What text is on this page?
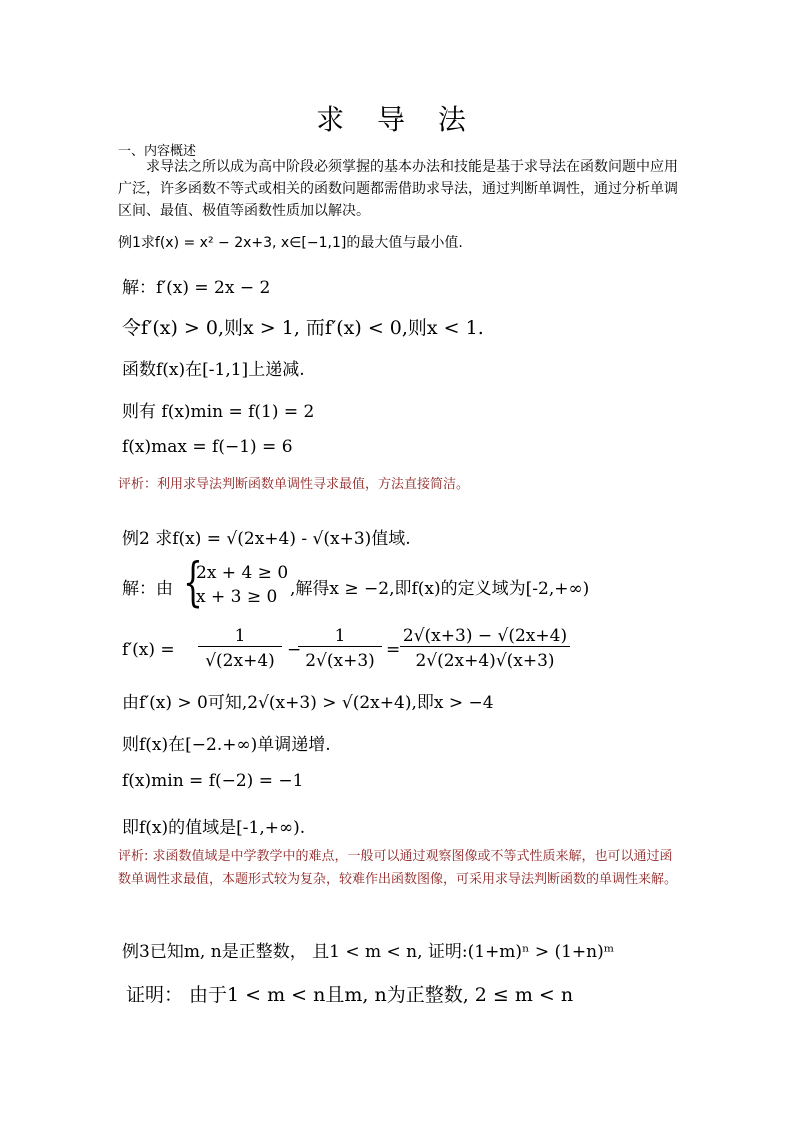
求 导 法
一、内容概述
求导法之所以成为高中阶段必须掌握的基本办法和技能是基于求导法在函数问题中应用广泛，许多函数不等式或相关的函数问题都需借助求导法，通过判断单调性，通过分析单调区间、最值、极值等函数性质加以解决。
例1求f(x) = x² − 2x+3, x∈[−1,1]的最大值与最小值.
解：f′(x) = 2x − 2
令f′(x) > 0,则x > 1, 而f′(x) < 0,则x < 1.
函数f(x)在[-1,1]上递减.
则有 f(x)min = f(1) = 2
f(x)max = f(−1) = 6
评析：利用求导法判断函数单调性寻求最值，方法直接简洁。
例2 求f(x) = √(2x+4) - √(x+3)值域.
解：由 {
2x + 4 ≥ 0
x + 3 ≥ 0 ,解得x ≥ −2,即f(x)的定义域为[-2,+∞)
f′(x) =
1
√(2x+4)
−
1
2√(x+3)
=
2√(x+3) − √(2x+4)
2√(2x+4)√(x+3)
由f′(x) > 0可知,2√(x+3) > √(2x+4),即x > −4
则f(x)在[−2.+∞)单调递增.
f(x)min = f(−2) = −1
即f(x)的值域是[-1,+∞).
评析: 求函数值域是中学教学中的难点，一般可以通过观察图像或不等式性质来解，也可以通过函数单调性求最值，本题形式较为复杂，较难作出函数图像，可采用求导法判断函数的单调性来解。
例3已知m, n是正整数， 且1 < m < n, 证明:(1+m)ⁿ > (1+n)ᵐ
证明： 由于1 < m < n且m, n为正整数, 2 ≤ m < n
